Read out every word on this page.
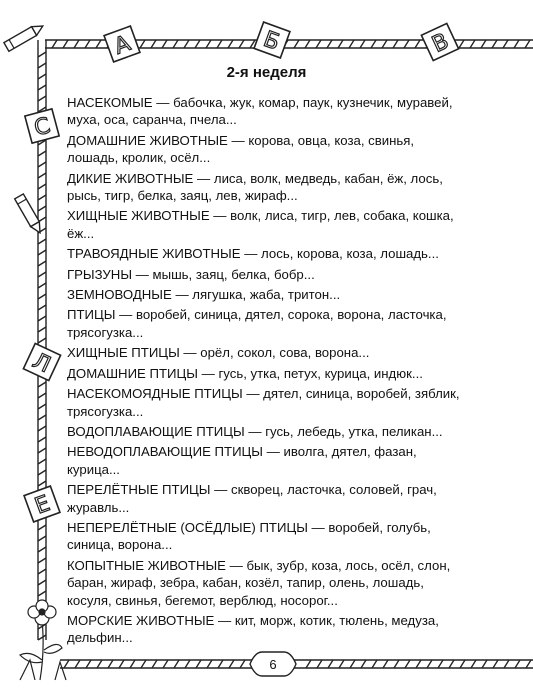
А	Б	В
С
Л
Е
2-я неделя
НАСЕКОМЫЕ — бабочка, жук, комар, паук, кузнечик, муравей, муха, оса, саранча, пчела...
ДОМАШНИЕ ЖИВОТНЫЕ — корова, овца, коза, свинья, лошадь, кролик, осёл...
ДИКИЕ ЖИВОТНЫЕ — лиса, волк, медведь, кабан, ёж, лось, рысь, тигр, белка, заяц, лев, жираф...
ХИЩНЫЕ ЖИВОТНЫЕ — волк, лиса, тигр, лев, собака, кошка, ёж...
ТРАВОЯДНЫЕ ЖИВОТНЫЕ — лось, корова, коза, лошадь...
ГРЫЗУНЫ — мышь, заяц, белка, бобр...
ЗЕМНОВОДНЫЕ — лягушка, жаба, тритон...
ПТИЦЫ — воробей, синица, дятел, сорока, ворона, ласточка, трясогузка...
ХИЩНЫЕ ПТИЦЫ — орёл, сокол, сова, ворона...
ДОМАШНИЕ ПТИЦЫ — гусь, утка, петух, курица, индюк...
НАСЕКОМОЯДНЫЕ ПТИЦЫ — дятел, синица, воробей, зяблик, трясогузка...
ВОДОПЛАВАЮЩИЕ ПТИЦЫ — гусь, лебедь, утка, пеликан...
НЕВОДОПЛАВАЮЩИЕ ПТИЦЫ — иволга, дятел, фазан, курица...
ПЕРЕЛЁТНЫЕ ПТИЦЫ — скворец, ласточка, соловей, грач, журавль...
НЕПЕРЕЛЁТНЫЕ (ОСЁДЛЫЕ) ПТИЦЫ — воробей, голубь, синица, ворона...
КОПЫТНЫЕ ЖИВОТНЫЕ — бык, зубр, коза, лось, осёл, слон, баран, жираф, зебра, кабан, козёл, тапир, олень, лошадь, косуля, свинья, бегемот, верблюд, носорог...
МОРСКИЕ ЖИВОТНЫЕ — кит, морж, котик, тюлень, медуза, дельфин...
6
